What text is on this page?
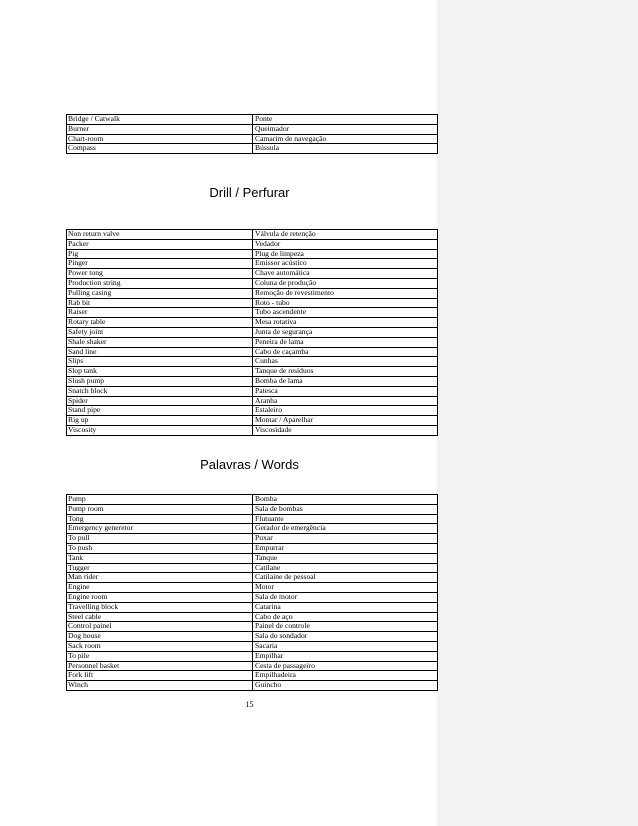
Bridge / Catwalk	Ponte
Burner	Queimador
Chart-room	Camarim de navegação
Compass	Bússula
Drill / Perfurar
Non return valve	Válvula de retenção
Packer	Vedador
Pig	Plug de limpeza
Pinger	Emissor acústico
Power tong	Chave automática
Production string	Coluna de produção
Pulling casing	Remoção de revestimento
Rab bit	Roto - tubo
Raiser	Tubo ascendente
Rotary table	Mesa rotativa
Safety joint	Junta de segurança
Shale shaker	Peneira de lama
Sand line	Cabo de caçamba
Slips	Cunhas
Slop tank	Tanque de resíduos
Slush pump	Bomba de lama
Snatch block	Patesca
Spider	Aranha
Stand pipe	Estaleiro
Rig up	Montar / Aparelhar
Viscosity	Viscosidade
Palavras / Words
Pump	Bomba
Pump room	Sala de bombas
Tong	Flutuante
Emergency generetor	Gerador de emergência
To pull	Puxar
To push	Empurrar
Tank	Tanque
Tugger	Catilane
Man rider	Catilaine de pessoal
Engine	Motor
Engine room	Sala de motor
Travelling block	Catarina
Steel cable	Cabo de aço
Control painel	Painel de controle
Dog house	Sala do sondador
Sack room	Sacaria
To pile	Empilhar
Personnel basket	Cesta de passageiro
Fork lift	Empilhadeira
Winch	Guincho
15
